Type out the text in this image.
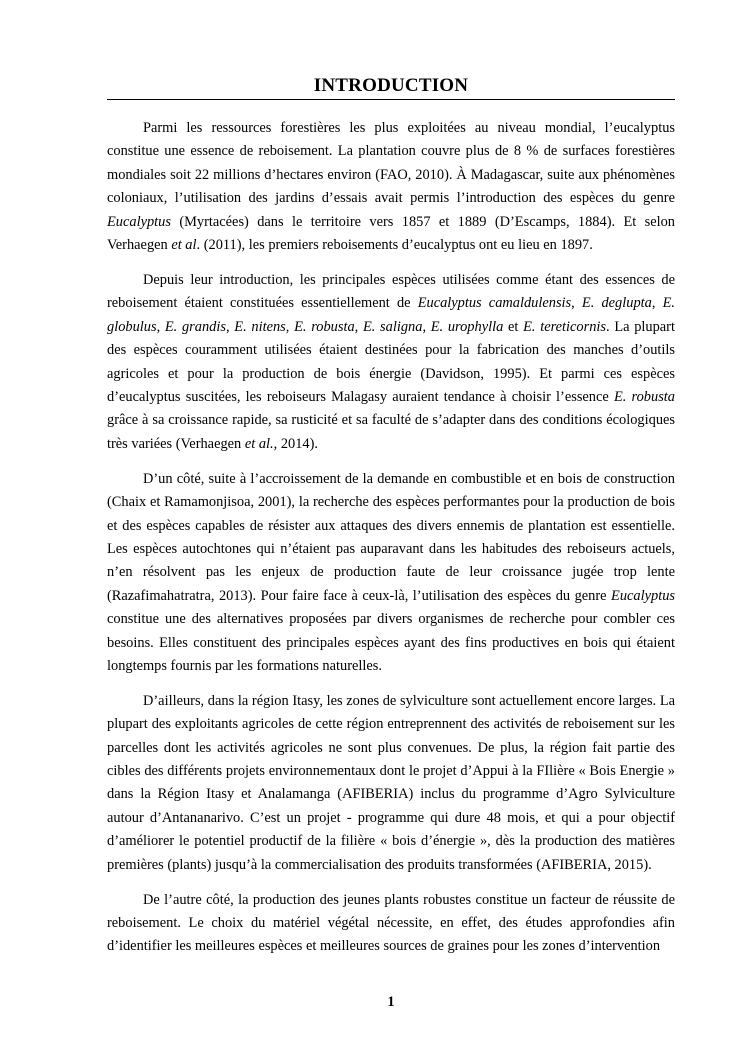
INTRODUCTION

Parmi les ressources forestières les plus exploitées au niveau mondial, l’eucalyptus constitue une essence de reboisement. La plantation couvre plus de 8 % de surfaces forestières mondiales soit 22 millions d’hectares environ (FAO, 2010). À Madagascar, suite aux phénomènes coloniaux, l’utilisation des jardins d’essais avait permis l’introduction des espèces du genre Eucalyptus (Myrtacées) dans le territoire vers 1857 et 1889 (D’Escamps, 1884). Et selon Verhaegen et al. (2011), les premiers reboisements d’eucalyptus ont eu lieu en 1897.

Depuis leur introduction, les principales espèces utilisées comme étant des essences de reboisement étaient constituées essentiellement de Eucalyptus camaldulensis, E. deglupta, E. globulus, E. grandis, E. nitens, E. robusta, E. saligna, E. urophylla et E. tereticornis. La plupart des espèces couramment utilisées étaient destinées pour la fabrication des manches d’outils agricoles et pour la production de bois énergie (Davidson, 1995). Et parmi ces espèces d’eucalyptus suscitées, les reboiseurs Malagasy auraient tendance à choisir l’essence E. robusta grâce à sa croissance rapide, sa rusticité et sa faculté de s’adapter dans des conditions écologiques très variées (Verhaegen et al., 2014).

D’un côté, suite à l’accroissement de la demande en combustible et en bois de construction (Chaix et Ramamonjisoa, 2001), la recherche des espèces performantes pour la production de bois et des espèces capables de résister aux attaques des divers ennemis de plantation est essentielle. Les espèces autochtones qui n’étaient pas auparavant dans les habitudes des reboiseurs actuels, n’en résolvent pas les enjeux de production faute de leur croissance jugée trop lente (Razafimahatratra, 2013). Pour faire face à ceux-là, l’utilisation des espèces du genre Eucalyptus constitue une des alternatives proposées par divers organismes de recherche pour combler ces besoins. Elles constituent des principales espèces ayant des fins productives en bois qui étaient longtemps fournis par les formations naturelles.

D’ailleurs, dans la région Itasy, les zones de sylviculture sont actuellement encore larges. La plupart des exploitants agricoles de cette région entreprennent des activités de reboisement sur les parcelles dont les activités agricoles ne sont plus convenues. De plus, la région fait partie des cibles des différents projets environnementaux dont le projet d’Appui à la FIlière « Bois Energie » dans la Région Itasy et Analamanga (AFIBERIA) inclus du programme d’Agro Sylviculture autour d’Antananarivo. C’est un projet - programme qui dure 48 mois, et qui a pour objectif d’améliorer le potentiel productif de la filière « bois d’énergie », dès la production des matières premières (plants) jusqu’à la commercialisation des produits transformées (AFIBERIA, 2015).

De l’autre côté, la production des jeunes plants robustes constitue un facteur de réussite de reboisement. Le choix du matériel végétal nécessite, en effet, des études approfondies afin d’identifier les meilleures espèces et meilleures sources de graines pour les zones d’intervention

1
